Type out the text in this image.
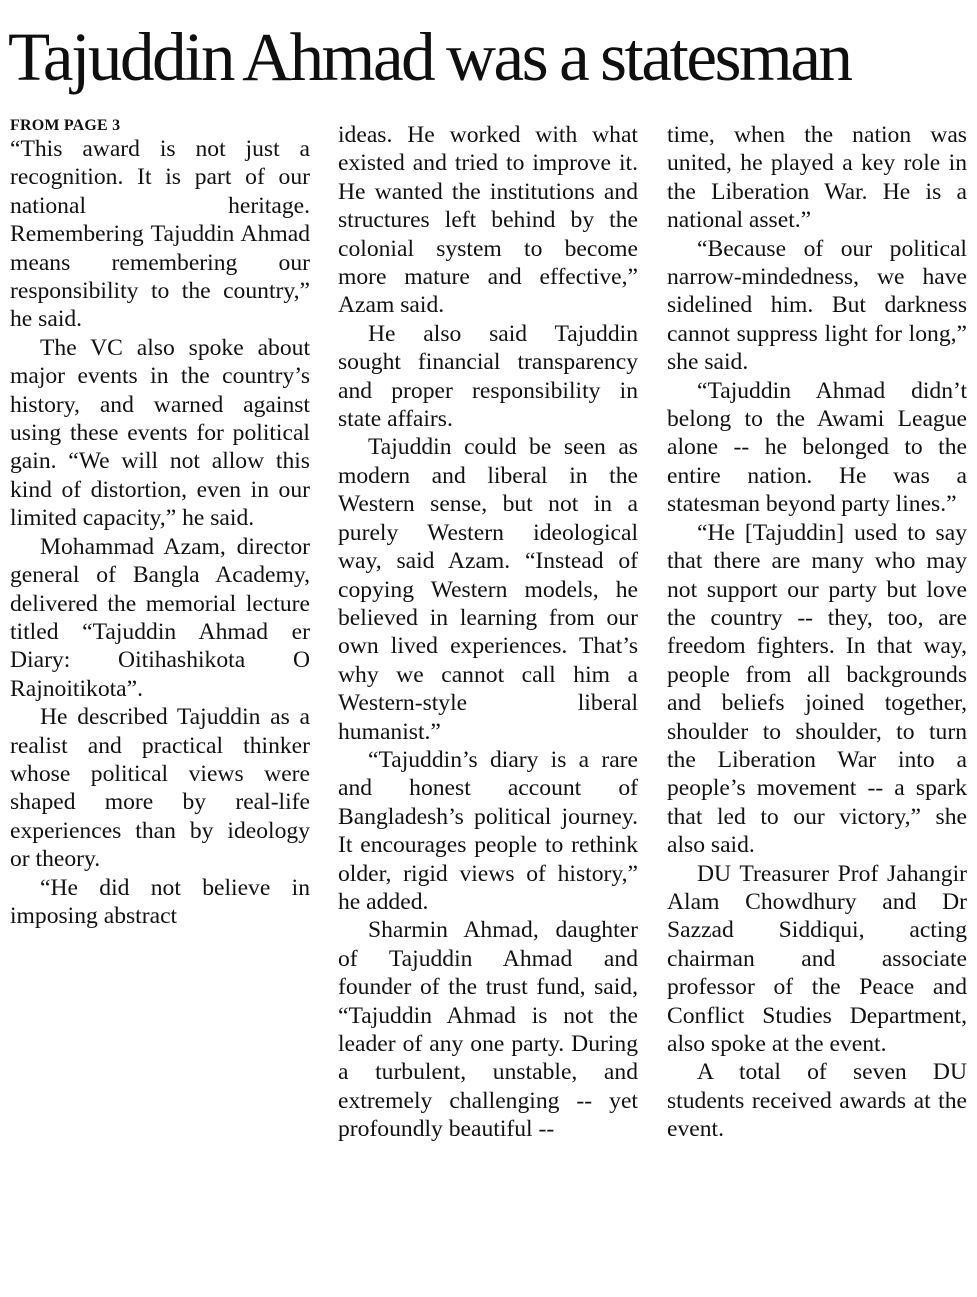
Tajuddin Ahmad was a statesman

FROM PAGE 3

“This award is not just a recognition. It is part of our national heritage. Remembering Tajuddin Ahmad means remembering our responsibility to the country,” he said.

The VC also spoke about major events in the country’s history, and warned against using these events for political gain. “We will not allow this kind of distortion, even in our limited capacity,” he said.

Mohammad Azam, director general of Bangla Academy, delivered the memorial lecture titled “Tajuddin Ahmad er Diary: Oitihashikota O Rajnoitikota”.

He described Tajuddin as a realist and practical thinker whose political views were shaped more by real-life experiences than by ideology or theory.

“He did not believe in imposing abstract

ideas. He worked with what existed and tried to improve it. He wanted the institutions and structures left behind by the colonial system to become more mature and effective,” Azam said.

He also said Tajuddin sought financial transparency and proper responsibility in state affairs.

Tajuddin could be seen as modern and liberal in the Western sense, but not in a purely Western ideological way, said Azam. “Instead of copying Western models, he believed in learning from our own lived experiences. That’s why we cannot call him a Western-style liberal humanist.”

“Tajuddin’s diary is a rare and honest account of Bangladesh’s political journey. It encourages people to rethink older, rigid views of history,” he added.

Sharmin Ahmad, daughter of Tajuddin Ahmad and founder of the trust fund, said, “Tajuddin Ahmad is not the leader of any one party. During a turbulent, unstable, and extremely challenging -- yet profoundly beautiful --

time, when the nation was united, he played a key role in the Liberation War. He is a national asset.”

“Because of our political narrow-mindedness, we have sidelined him. But darkness cannot suppress light for long,” she said.

“Tajuddin Ahmad didn’t belong to the Awami League alone -- he belonged to the entire nation. He was a statesman beyond party lines.”

“He [Tajuddin] used to say that there are many who may not support our party but love the country -- they, too, are freedom fighters. In that way, people from all backgrounds and beliefs joined together, shoulder to shoulder, to turn the Liberation War into a people’s movement -- a spark that led to our victory,” she also said.

DU Treasurer Prof Jahangir Alam Chowdhury and Dr Sazzad Siddiqui, acting chairman and associate professor of the Peace and Conflict Studies Department, also spoke at the event.

A total of seven DU students received awards at the event.
